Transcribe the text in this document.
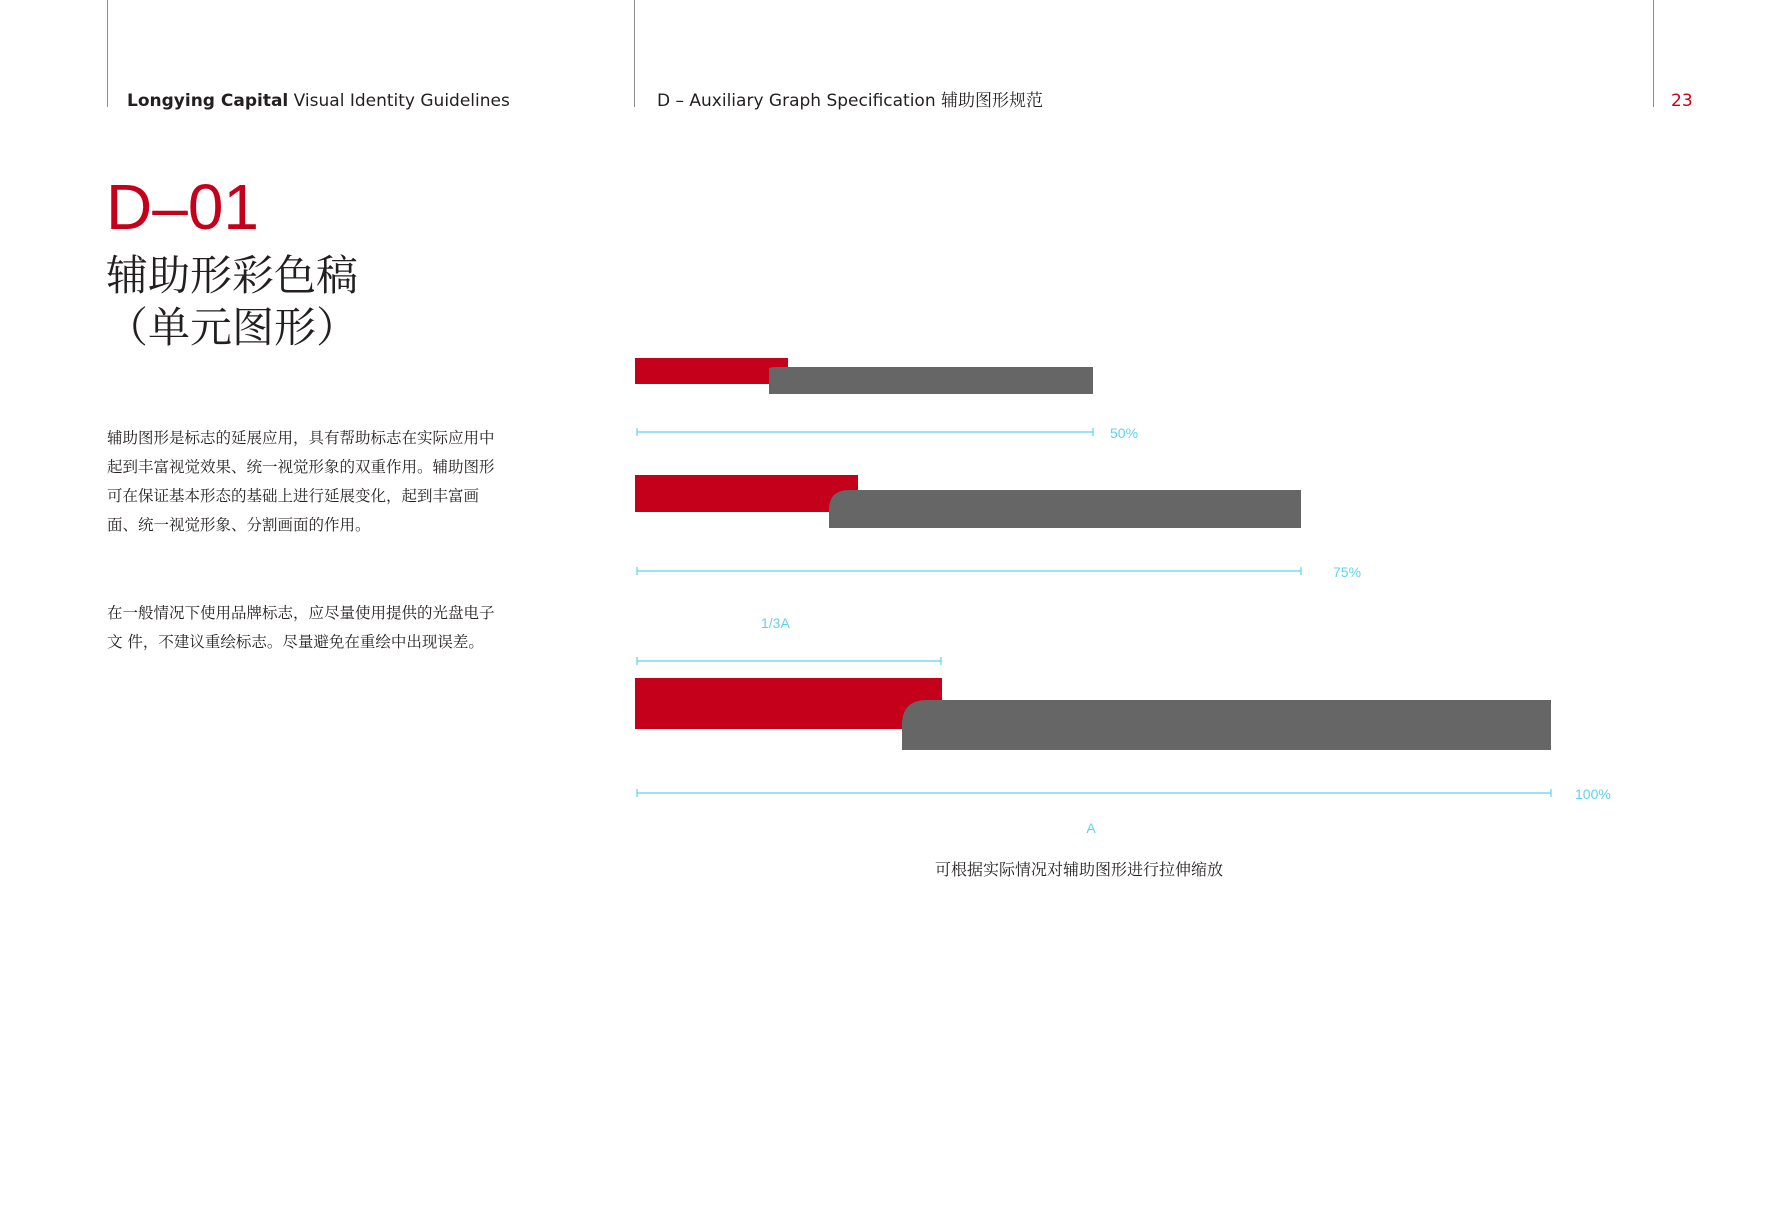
Longying Capital Visual Identity Guidelines	D – Auxiliary Graph Specification 辅助图形规范	23
D–01
辅助形彩色稿
（单元图形）

辅助图形是标志的延展应用，具有帮助标志在实际应用中起到丰富视觉效果、统一视觉形象的双重作用。辅助图形可在保证基本形态的基础上进行延展变化，起到丰富画面、统一视觉形象、分割画面的作用。

在一般情况下使用品牌标志，应尽量使用提供的光盘电子文 件，不建议重绘标志。尽量避免在重绘中出现误差。

50%
75%
1/3A
100%
A
可根据实际情况对辅助图形进行拉伸缩放
